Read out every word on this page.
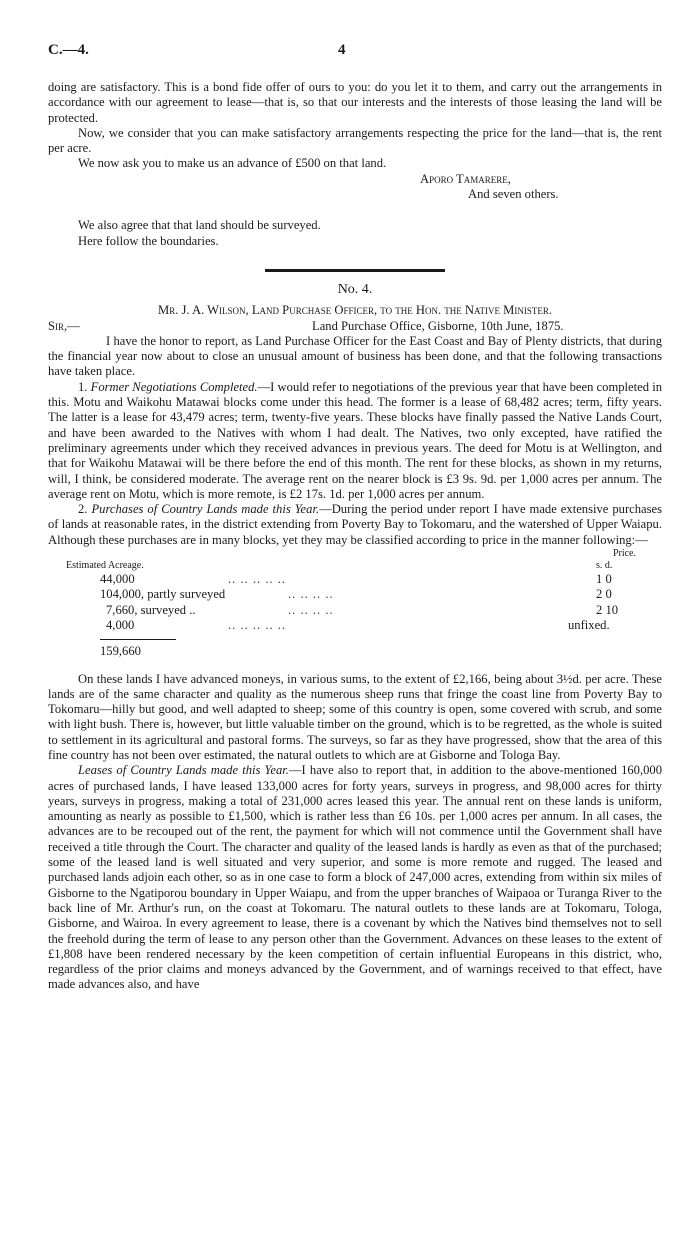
C.—4.	4

doing are satisfactory. This is a bond fide offer of ours to you: do you let it to them, and carry out the arrangements in accordance with our agreement to lease—that is, so that our interests and the interests of those leasing the land will be protected.

Now, we consider that you can make satisfactory arrangements respecting the price for the land—that is, the rent per acre.

We now ask you to make us an advance of £500 on that land.

Aporo Tamarere,

And seven others.

We also agree that that land should be surveyed.

Here follow the boundaries.

No. 4.

Mr. J. A. Wilson, Land Purchase Officer, to the Hon. the Native Minister.

Sir,—	Land Purchase Office, Gisborne, 10th June, 1875.

I have the honor to report, as Land Purchase Officer for the East Coast and Bay of Plenty districts, that during the financial year now about to close an unusual amount of business has been done, and that the following transactions have taken place.

1. Former Negotiations Completed.—I would refer to negotiations of the previous year that have been completed in this. Motu and Waikohu Matawai blocks come under this head. The former is a lease of 68,482 acres; term, fifty years. The latter is a lease for 43,479 acres; term, twenty-five years. These blocks have finally passed the Native Lands Court, and have been awarded to the Natives with whom I had dealt. The Natives, two only excepted, have ratified the preliminary agreements under which they received advances in previous years. The deed for Motu is at Wellington, and that for Waikohu Matawai will be there before the end of this month. The rent for these blocks, as shown in my returns, will, I think, be considered moderate. The average rent on the nearer block is £3 9s. 9d. per 1,000 acres per annum. The average rent on Motu, which is more remote, is £2 17s. 1d. per 1,000 acres per annum.

2. Purchases of Country Lands made this Year.—During the period under report I have made extensive purchases of lands at reasonable rates, in the district extending from Poverty Bay to Tokomaru, and the watershed of Upper Waiapu. Although these purchases are in many blocks, yet they may be classified according to price in the manner following:—

Price.
Estimated Acreage.	s. d.
44,000	.. .. .. .. ..	1 0
104,000, partly surveyed	.. .. .. ..	2 0
7,660, surveyed ..	.. .. .. ..	2 10
4,000	.. .. .. .. ..	unfixed.
159,660

On these lands I have advanced moneys, in various sums, to the extent of £2,166, being about 3½d. per acre. These lands are of the same character and quality as the numerous sheep runs that fringe the coast line from Poverty Bay to Tokomaru—hilly but good, and well adapted to sheep; some of this country is open, some covered with scrub, and some with light bush. There is, however, but little valuable timber on the ground, which is to be regretted, as the whole is suited to settlement in its agricultural and pastoral forms. The surveys, so far as they have progressed, show that the area of this fine country has not been over estimated, the natural outlets to which are at Gisborne and Tologa Bay.

Leases of Country Lands made this Year.—I have also to report that, in addition to the above-mentioned 160,000 acres of purchased lands, I have leased 133,000 acres for forty years, surveys in progress, and 98,000 acres for thirty years, surveys in progress, making a total of 231,000 acres leased this year. The annual rent on these lands is uniform, amounting as nearly as possible to £1,500, which is rather less than £6 10s. per 1,000 acres per annum. In all cases, the advances are to be recouped out of the rent, the payment for which will not commence until the Government shall have received a title through the Court. The character and quality of the leased lands is hardly as even as that of the purchased; some of the leased land is well situated and very superior, and some is more remote and rugged. The leased and purchased lands adjoin each other, so as in one case to form a block of 247,000 acres, extending from within six miles of Gisborne to the Ngatiporou boundary in Upper Waiapu, and from the upper branches of Waipaoa or Turanga River to the back line of Mr. Arthur's run, on the coast at Tokomaru. The natural outlets to these lands are at Tokomaru, Tologa, Gisborne, and Wairoa. In every agreement to lease, there is a covenant by which the Natives bind themselves not to sell the freehold during the term of lease to any person other than the Government. Advances on these leases to the extent of £1,808 have been rendered necessary by the keen competition of certain influential Europeans in this district, who, regardless of the prior claims and moneys advanced by the Government, and of warnings received to that effect, have made advances also, and have
